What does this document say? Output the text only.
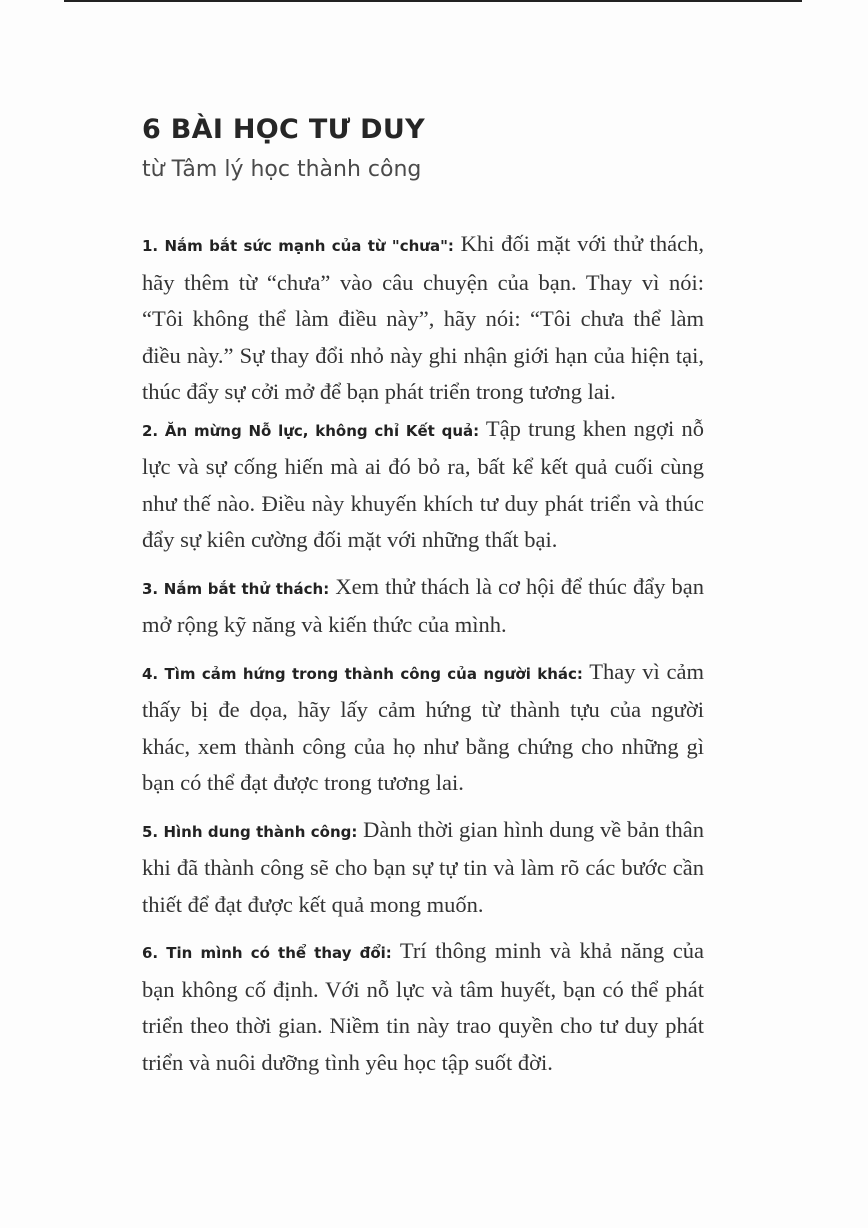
6 BÀI HỌC TƯ DUY
từ Tâm lý học thành công

1. Nắm bắt sức mạnh của từ "chưa": Khi đối mặt với thử thách, hãy thêm từ “chưa” vào câu chuyện của bạn. Thay vì nói: “Tôi không thể làm điều này”, hãy nói: “Tôi chưa thể làm điều này.” Sự thay đổi nhỏ này ghi nhận giới hạn của hiện tại, thúc đẩy sự cởi mở để bạn phát triển trong tương lai.

2. Ăn mừng Nỗ lực, không chỉ Kết quả: Tập trung khen ngợi nỗ lực và sự cống hiến mà ai đó bỏ ra, bất kể kết quả cuối cùng như thế nào. Điều này khuyến khích tư duy phát triển và thúc đẩy sự kiên cường đối mặt với những thất bại.

3. Nắm bắt thử thách: Xem thử thách là cơ hội để thúc đẩy bạn mở rộng kỹ năng và kiến thức của mình.

4. Tìm cảm hứng trong thành công của người khác: Thay vì cảm thấy bị đe dọa, hãy lấy cảm hứng từ thành tựu của người khác, xem thành công của họ như bằng chứng cho những gì bạn có thể đạt được trong tương lai.

5. Hình dung thành công: Dành thời gian hình dung về bản thân khi đã thành công sẽ cho bạn sự tự tin và làm rõ các bước cần thiết để đạt được kết quả mong muốn.

6. Tin mình có thể thay đổi: Trí thông minh và khả năng của bạn không cố định. Với nỗ lực và tâm huyết, bạn có thể phát triển theo thời gian. Niềm tin này trao quyền cho tư duy phát triển và nuôi dưỡng tình yêu học tập suốt đời.
